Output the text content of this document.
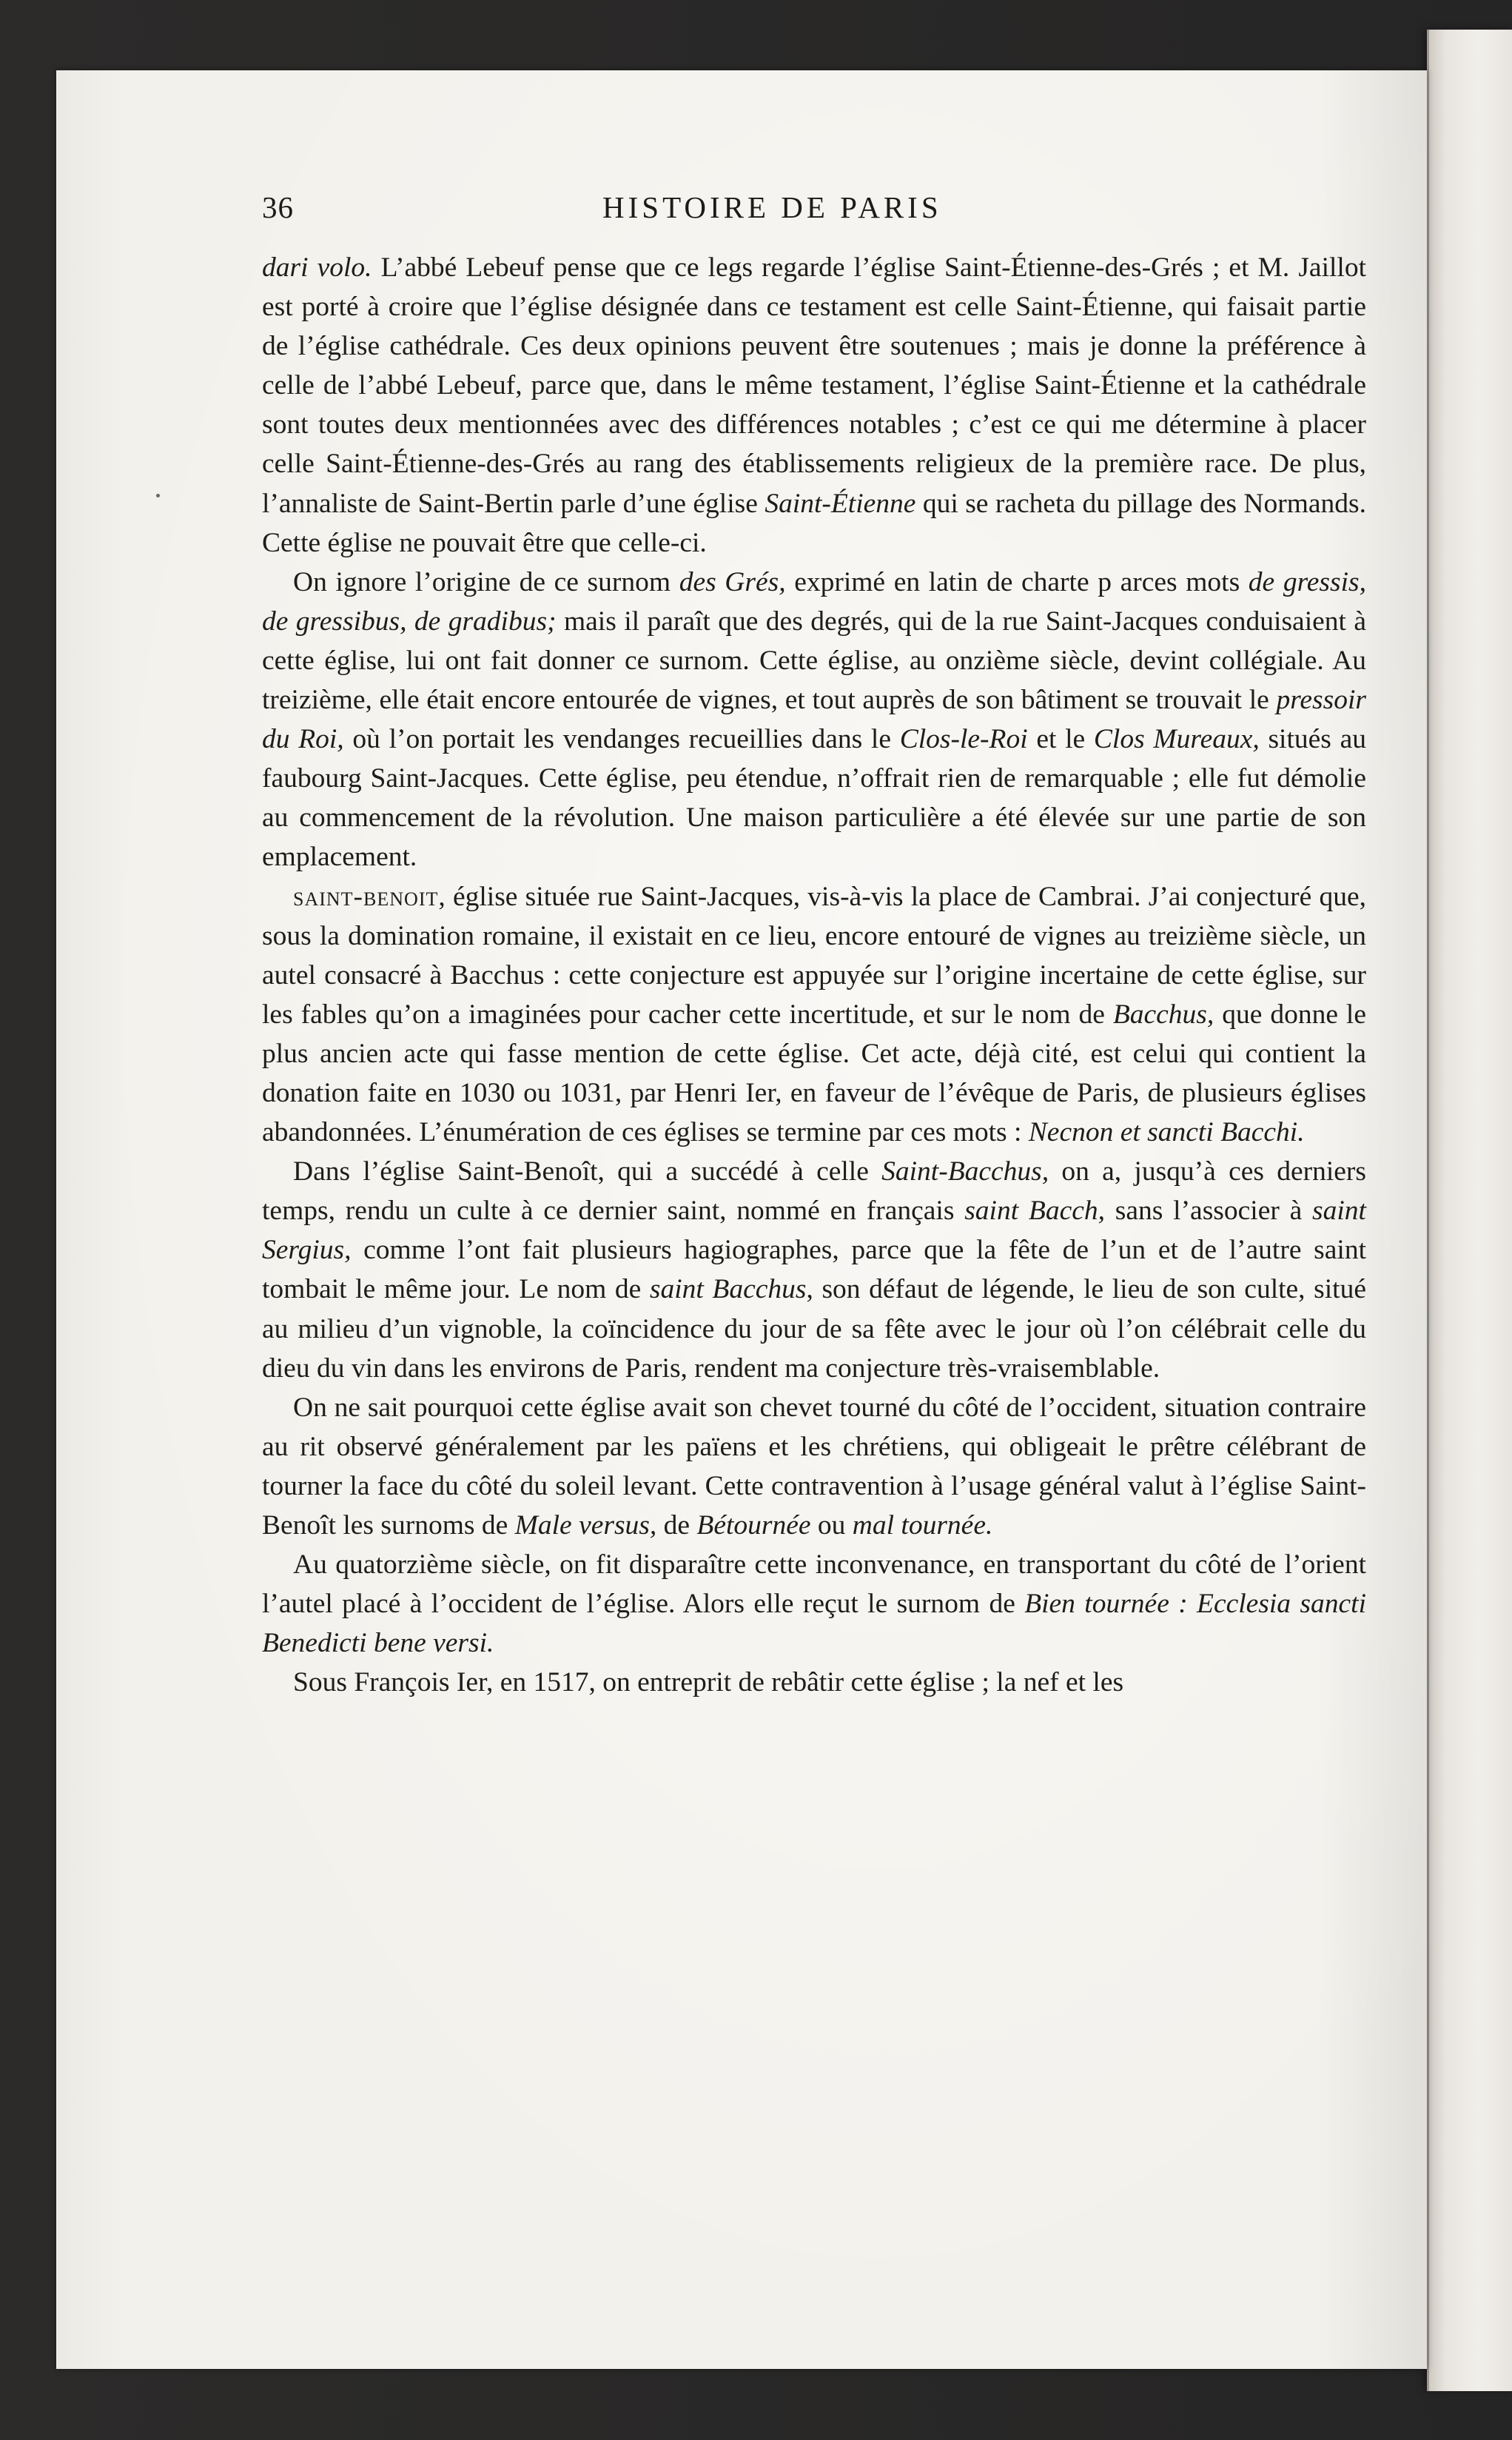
36	HISTOIRE DE PARIS

dari volo. L’abbé Lebeuf pense que ce legs regarde l’église Saint-Étienne-des-Grés ; et M. Jaillot est porté à croire que l’église désignée dans ce testament est celle Saint-Étienne, qui faisait partie de l’église cathédrale. Ces deux opinions peuvent être soutenues ; mais je donne la préférence à celle de l’abbé Lebeuf, parce que, dans le même testament, l’église Saint-Étienne et la cathédrale sont toutes deux mentionnées avec des différences notables ; c’est ce qui me détermine à placer celle Saint-Étienne-des-Grés au rang des établissements religieux de la première race. De plus, l’annaliste de Saint-Bertin parle d’une église Saint-Étienne qui se racheta du pillage des Normands. Cette église ne pouvait être que celle-ci.

On ignore l’origine de ce surnom des Grés, exprimé en latin de charte p arces mots de gressis, de gressibus, de gradibus; mais il paraît que des degrés, qui de la rue Saint-Jacques conduisaient à cette église, lui ont fait donner ce surnom. Cette église, au onzième siècle, devint collégiale. Au treizième, elle était encore entourée de vignes, et tout auprès de son bâtiment se trouvait le pressoir du Roi, où l’on portait les vendanges recueillies dans le Clos-le-Roi et le Clos Mureaux, situés au faubourg Saint-Jacques. Cette église, peu étendue, n’offrait rien de remarquable ; elle fut démolie au commencement de la révolution. Une maison particulière a été élevée sur une partie de son emplacement.

saint-benoit, église située rue Saint-Jacques, vis-à-vis la place de Cambrai. J’ai conjecturé que, sous la domination romaine, il existait en ce lieu, encore entouré de vignes au treizième siècle, un autel consacré à Bacchus : cette conjecture est appuyée sur l’origine incertaine de cette église, sur les fables qu’on a imaginées pour cacher cette incertitude, et sur le nom de Bacchus, que donne le plus ancien acte qui fasse mention de cette église. Cet acte, déjà cité, est celui qui contient la donation faite en 1030 ou 1031, par Henri Ier, en faveur de l’évêque de Paris, de plusieurs églises abandonnées. L’énumération de ces églises se termine par ces mots : Necnon et sancti Bacchi.

Dans l’église Saint-Benoît, qui a succédé à celle Saint-Bacchus, on a, jusqu’à ces derniers temps, rendu un culte à ce dernier saint, nommé en français saint Bacch, sans l’associer à saint Sergius, comme l’ont fait plusieurs hagiographes, parce que la fête de l’un et de l’autre saint tombait le même jour. Le nom de saint Bacchus, son défaut de légende, le lieu de son culte, situé au milieu d’un vignoble, la coïncidence du jour de sa fête avec le jour où l’on célébrait celle du dieu du vin dans les environs de Paris, rendent ma conjecture très-vraisemblable.

On ne sait pourquoi cette église avait son chevet tourné du côté de l’occident, situation contraire au rit observé généralement par les païens et les chrétiens, qui obligeait le prêtre célébrant de tourner la face du côté du soleil levant. Cette contravention à l’usage général valut à l’église Saint-Benoît les surnoms de Male versus, de Bétournée ou mal tournée.

Au quatorzième siècle, on fit disparaître cette inconvenance, en transportant du côté de l’orient l’autel placé à l’occident de l’église. Alors elle reçut le surnom de Bien tournée : Ecclesia sancti Benedicti bene versi.

Sous François Ier, en 1517, on entreprit de rebâtir cette église ; la nef et les
